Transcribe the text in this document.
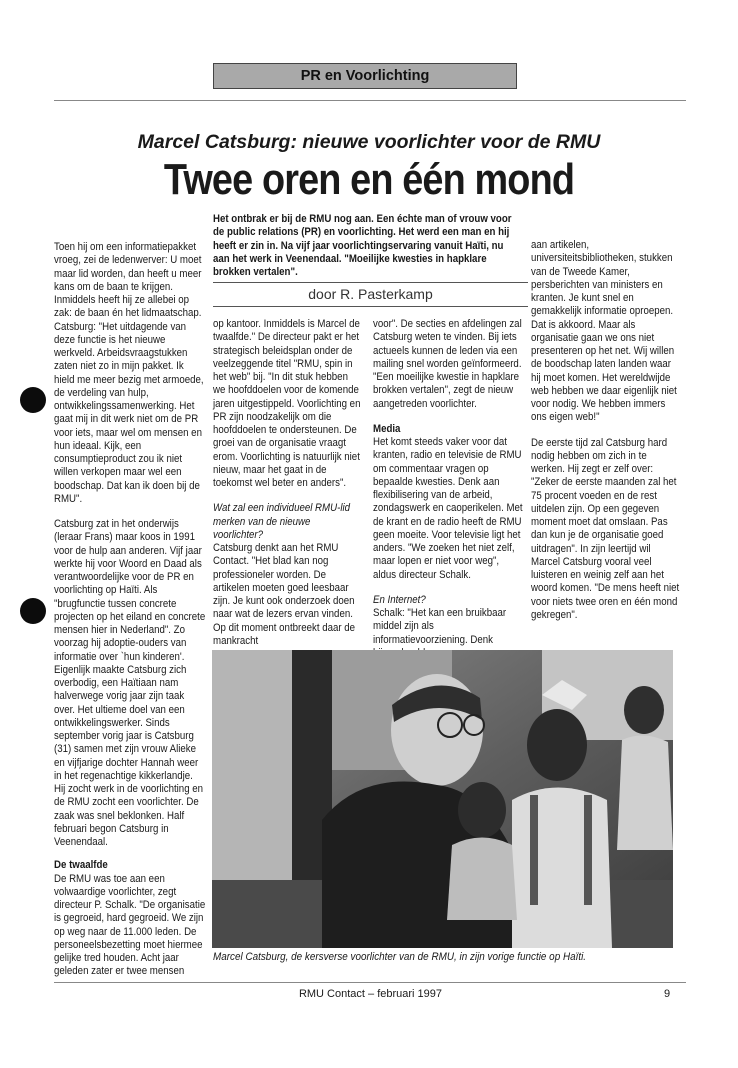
PR en Voorlichting
Marcel Catsburg: nieuwe voorlichter voor de RMU
Twee oren en één mond
Het ontbrak er bij de RMU nog aan. Een échte man of vrouw voor de public relations (PR) en voorlichting. Het werd een man en hij heeft er zin in. Na vijf jaar voorlichtingservaring vanuit Haïti, nu aan het werk in Veenendaal. "Moeilijke kwesties in hapklare brokken vertalen".
door R. Pasterkamp

Toen hij om een informatiepakket vroeg, zei de ledenwerver: U moet maar lid worden, dan heeft u meer kans om de baan te krijgen. Inmiddels heeft hij ze allebei op zak: de baan én het lidmaatschap. Catsburg: "Het uitdagende van deze functie is het nieuwe werkveld. Arbeidsvraagstukken zaten niet zo in mijn pakket. Ik hield me meer bezig met armoede, de verdeling van hulp, ontwikkelingssamenwerking. Het gaat mij in dit werk niet om de PR voor iets, maar wel om mensen en hun ideaal. Kijk, een consumptieproduct zou ik niet willen verkopen maar wel een boodschap. Dat kan ik doen bij de RMU".

Catsburg zat in het onderwijs (leraar Frans) maar koos in 1991 voor de hulp aan anderen. Vijf jaar werkte hij voor Woord en Daad als verantwoordelijke voor de PR en voorlichting op Haïti. Als "brugfunctie tussen concrete projecten op het eiland en concrete mensen hier in Nederland". Zo voorzag hij adoptie-ouders van informatie over `hun kinderen'. Eigenlijk maakte Catsburg zich overbodig, een Haïtiaan nam halverwege vorig jaar zijn taak over. Het ultieme doel van een ontwikkelingswerker. Sinds september vorig jaar is Catsburg (31) samen met zijn vrouw Alieke en vijfjarige dochter Hannah weer in het regenachtige kikkerlandje. Hij zocht werk in de voorlichting en de RMU zocht een voorlichter. De zaak was snel beklonken. Half februari begon Catsburg in Veenendaal.

De twaalfde

De RMU was toe aan een volwaardige voorlichter, zegt directeur P. Schalk. "De organisatie is gegroeid, hard gegroeid. We zijn op weg naar de 11.000 leden. De personeelsbezetting moet hiermee gelijke tred houden. Acht jaar geleden zater er twee mensen

op kantoor. Inmiddels is Marcel de twaalfde." De directeur pakt er het strategisch beleidsplan onder de veelzeggende titel "RMU, spin in het web" bij. "In dit stuk hebben we hoofddoelen voor de komende jaren uitgestippeld. Voorlichting en PR zijn noodzakelijk om die hoofddoelen te ondersteunen. De groei van de organisatie vraagt erom. Voorlichting is natuurlijk niet nieuw, maar het gaat in de toekomst wel beter en anders".

Wat zal een individueel RMU-lid merken van de nieuwe voorlichter?

Catsburg denkt aan het RMU Contact. "Het blad kan nog professioneler worden. De artikelen moeten goed leesbaar zijn. Je kunt ook onderzoek doen naar wat de lezers ervan vinden. Op dit moment ontbreekt daar de mankracht

voor". De secties en afdelingen zal Catsburg weten te vinden. Bij iets actueels kunnen de leden via een mailing snel worden geïnformeerd. "Een moeilijke kwestie in hapklare brokken vertalen", zegt de nieuw aangetreden voorlichter.

Media

Het komt steeds vaker voor dat kranten, radio en televisie de RMU om commentaar vragen op bepaalde kwesties. Denk aan flexibilisering van de arbeid, zondagswerk en caoperikelen. Met de krant en de radio heeft de RMU geen moeite. Voor televisie ligt het anders. "We zoeken het niet zelf, maar lopen er niet voor weg", aldus directeur Schalk.

En Internet?

Schalk: "Het kan een bruikbaar middel zijn als informatievoorziening. Denk

aan artikelen, universiteitsbibliotheken, stukken van de Tweede Kamer, persberichten van ministers en kranten. Je kunt snel en gemakkelijk informatie oproepen. Dat is akkoord. Maar als organisatie gaan we ons niet presenteren op het net. Wij willen de boodschap laten landen waar hij moet komen. Het wereldwijde web hebben we daar eigenlijk niet voor nodig. We hebben immers ons eigen web!"

De eerste tijd zal Catsburg hard nodig hebben om zich in te werken. Hij zegt er zelf over: "Zeker de eerste maanden zal het 75 procent voeden en de rest uitdelen zijn. Op een gegeven moment moet dat omslaan. Pas dan kun je de organisatie goed uitdragen". In zijn leertijd wil Marcel Catsburg vooral veel luisteren en weinig zelf aan het woord komen. "De mens heeft niet voor niets twee oren en één mond gekregen".

Marcel Catsburg, de kersverse voorlichter van de RMU, in zijn vorige functie op Haïti.
RMU Contact – februari 1997	9
